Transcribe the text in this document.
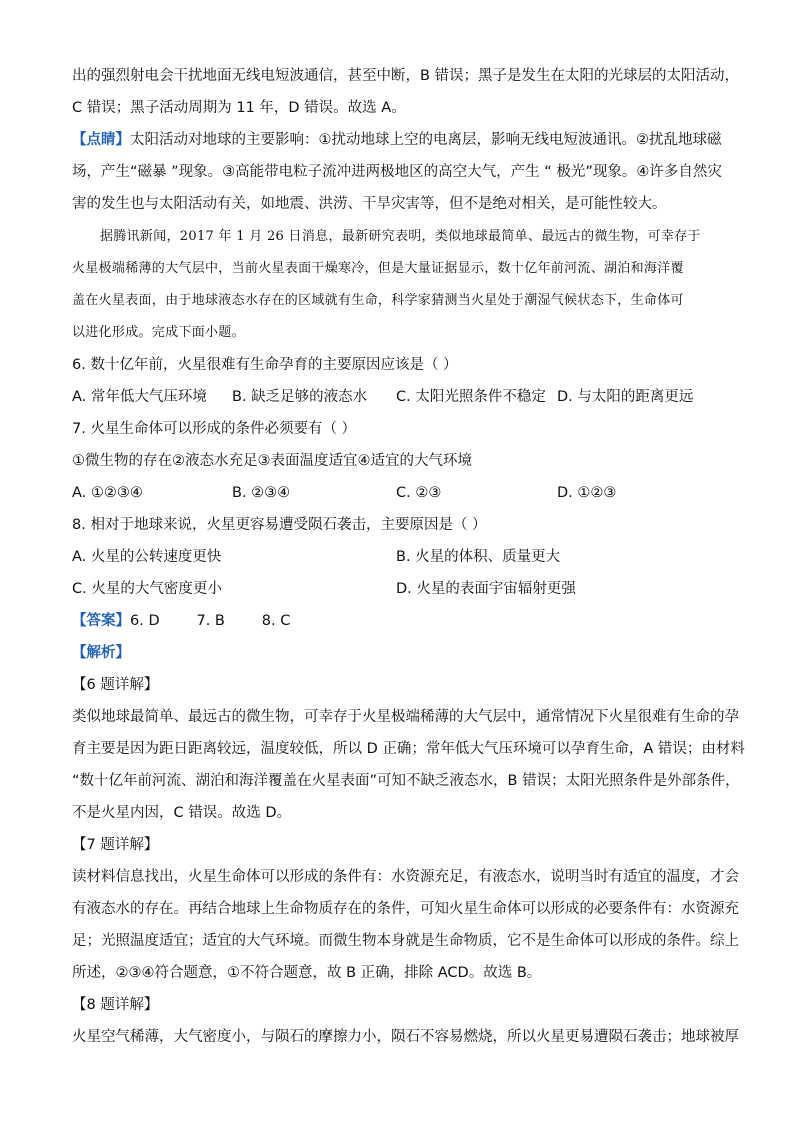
出的强烈射电会干扰地面无线电短波通信，甚至中断，B 错误；黑子是发生在太阳的光球层的太阳活动，
C 错误；黑子活动周期为 11 年，D 错误。故选 A。
【点睛】太阳活动对地球的主要影响：①扰动地球上空的电离层，影响无线电短波通讯。②扰乱地球磁
场，产生“磁暴 ”现象。③高能带电粒子流冲进两极地区的高空大气，产生 “ 极光”现象。④许多自然灾
害的发生也与太阳活动有关，如地震、洪涝、干旱灾害等，但不是绝对相关，是可能性较大。
据腾讯新闻，2017 年 1 月 26 日消息，最新研究表明，类似地球最简单、最远古的微生物，可幸存于
火星极端稀薄的大气层中，当前火星表面干燥寒冷，但是大量证据显示，数十亿年前河流、湖泊和海洋覆
盖在火星表面，由于地球液态水存在的区域就有生命，科学家猜测当火星处于潮湿气候状态下，生命体可
以进化形成。完成下面小题。
6. 数十亿年前，火星很难有生命孕育的主要原因应该是（ ）
A. 常年低大气压环境 B. 缺乏足够的液态水 C. 太阳光照条件不稳定 D. 与太阳的距离更远
7. 火星生命体可以形成的条件必须要有（ ）
①微生物的存在②液态水充足③表面温度适宜④适宜的大气环境
A. ①②③④	B. ②③④	C. ②③	D. ①②③
8. 相对于地球来说，火星更容易遭受陨石袭击，主要原因是（ ）
A. 火星的公转速度更快	B. 火星的体积、质量更大
C. 火星的大气密度更小	D. 火星的表面宇宙辐射更强
【答案】6. D        7. B        8. C
【解析】
【6 题详解】
类似地球最简单、最远古的微生物，可幸存于火星极端稀薄的大气层中，通常情况下火星很难有生命的孕
育主要是因为距日距离较远，温度较低，所以 D 正确；常年低大气压环境可以孕育生命，A 错误；由材料
“数十亿年前河流、湖泊和海洋覆盖在火星表面”可知不缺乏液态水，B 错误；太阳光照条件是外部条件，
不是火星内因，C 错误。故选 D。
【7 题详解】
读材料信息找出，火星生命体可以形成的条件有：水资源充足，有液态水，说明当时有适宜的温度，才会
有液态水的存在。再结合地球上生命物质存在的条件，可知火星生命体可以形成的必要条件有：水资源充
足；光照温度适宜；适宜的大气环境。而微生物本身就是生命物质，它不是生命体可以形成的条件。综上
所述，②③④符合题意，①不符合题意，故 B 正确，排除 ACD。故选 B。
【8 题详解】
火星空气稀薄，大气密度小，与陨石的摩擦力小，陨石不容易燃烧，所以火星更易遭陨石袭击；地球被厚
